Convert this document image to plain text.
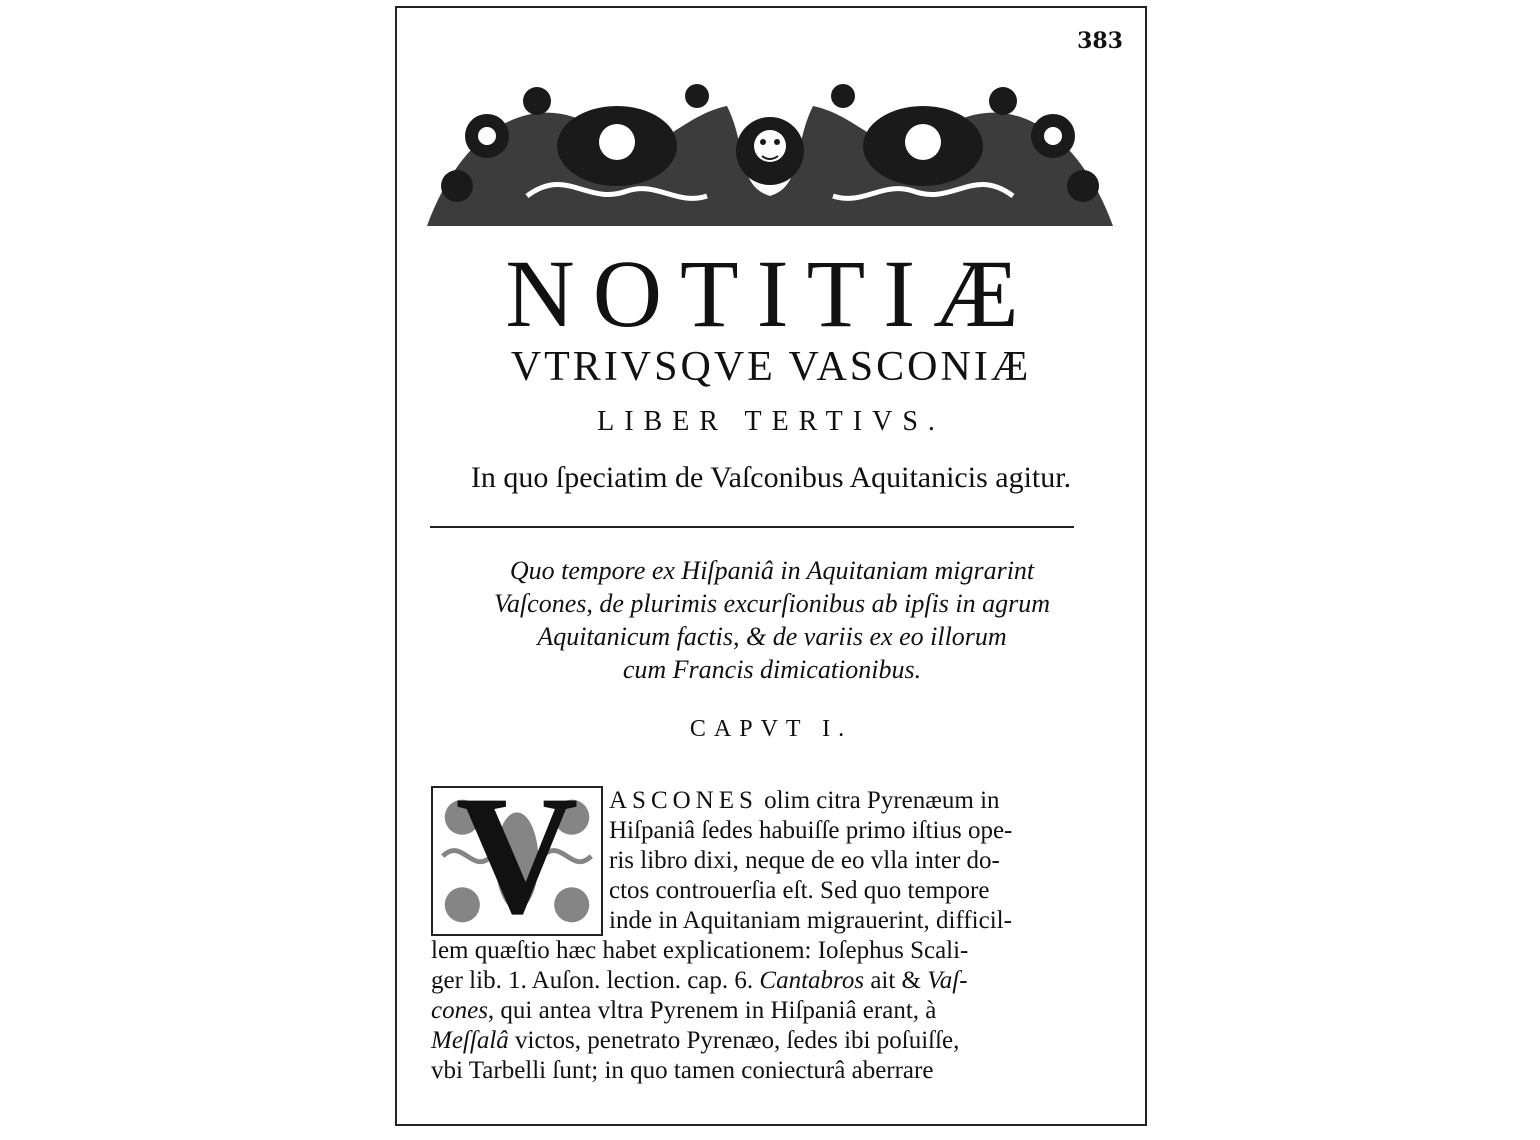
383
NOTITIÆ
VTRIVSQVE VASCONIÆ
LIBER TERTIVS.
In quo ſpeciatim de Vaſconibus Aquitanicis agitur.
Quo tempore ex Hiſpaniâ in Aquitaniam migrarint
Vaſcones, de plurimis excurſionibus ab ipſis in agrum
Aquitanicum factis, & de variis ex eo illorum
cum Francis dimicationibus.
CAPVT I.
V	ASCONES olim citra Pyrenæum in
Hiſpaniâ ſedes habuiſſe primo iſtius ope-
ris libro dixi, neque de eo vlla inter do-
ctos controuerſia eſt. Sed quo tempore
inde in Aquitaniam migrauerint, difficil-
lem quæſtio hæc habet explicationem: Ioſephus Scali-
ger lib. 1. Auſon. lection. cap. 6. Cantabros ait & Vaſ-
cones, qui antea vltra Pyrenem in Hiſpaniâ erant, à
Meſſalâ victos, penetrato Pyrenæo, ſedes ibi poſuiſſe,
vbi Tarbelli ſunt; in quo tamen coniecturâ aberrare
